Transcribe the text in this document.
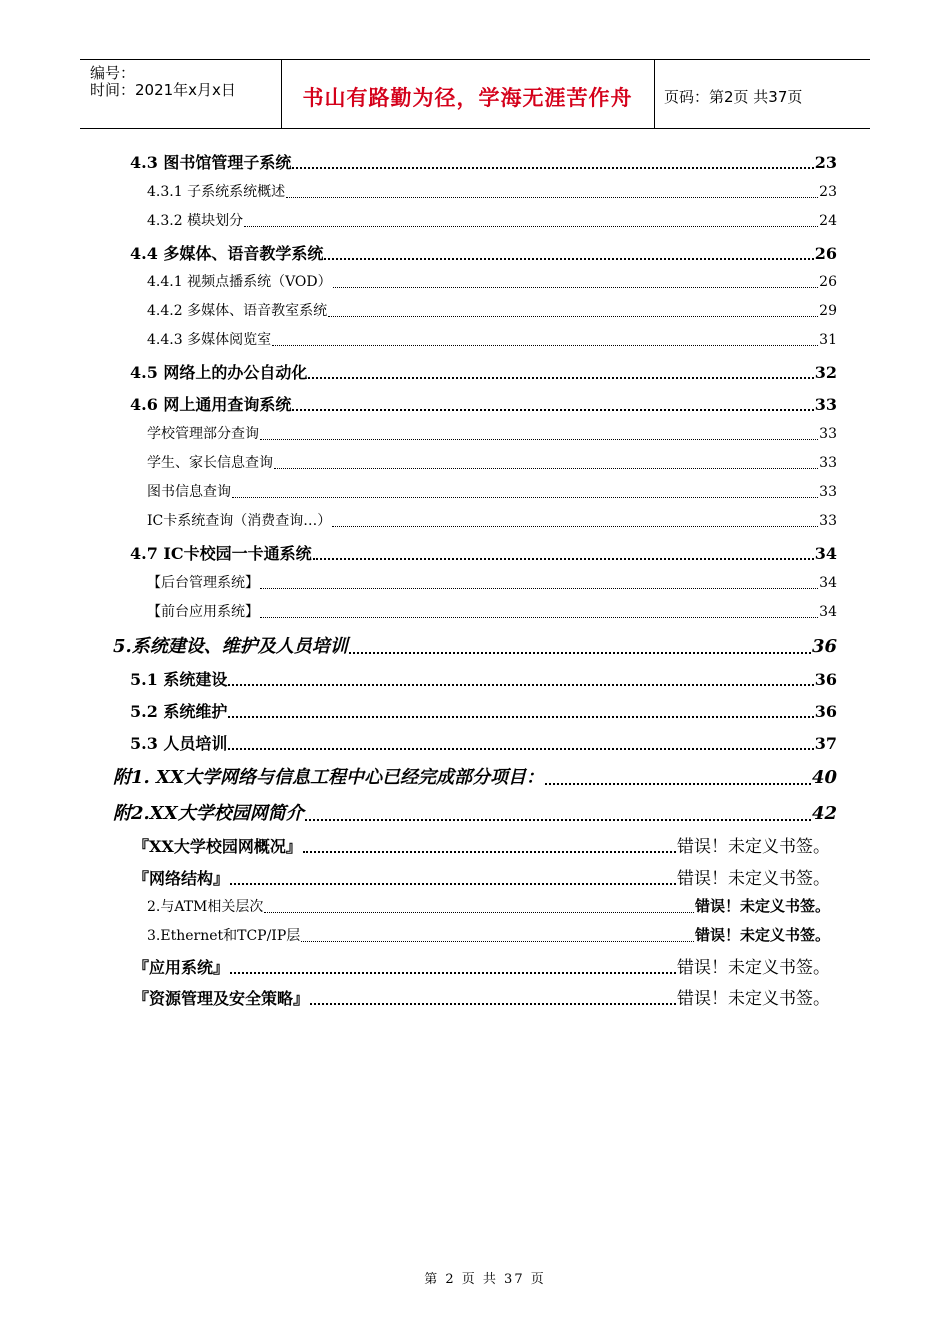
编号：
时间：2021年x月x日	书山有路勤为径，学海无涯苦作舟	页码：第2页 共37页
4.3 图书馆管理子系统	23
4.3.1 子系统系统概述	23
4.3.2 模块划分	24
4.4 多媒体、语音教学系统	26
4.4.1 视频点播系统（VOD）	26
4.4.2 多媒体、语音教室系统	29
4.4.3 多媒体阅览室	31
4.5 网络上的办公自动化	32
4.6 网上通用查询系统	33
学校管理部分查询	33
学生、家长信息查询	33
图书信息查询	33
IC卡系统查询（消费查询…）	33
4.7 IC卡校园一卡通系统	34
【后台管理系统】	34
【前台应用系统】	34
5.系统建设、维护及人员培训	36
5.1 系统建设	36
5.2 系统维护	36
5.3 人员培训	37
附1. XX大学网络与信息工程中心已经完成部分项目：	40
附2.XX大学校园网简介	42
『XX大学校园网概况』	错误！未定义书签。
『网络结构』	错误！未定义书签。
2.与ATM相关层次	错误！未定义书签。
3.Ethernet和TCP/IP层	错误！未定义书签。
『应用系统』	错误！未定义书签。
『资源管理及安全策略』	错误！未定义书签。
第 2 页 共 37 页
